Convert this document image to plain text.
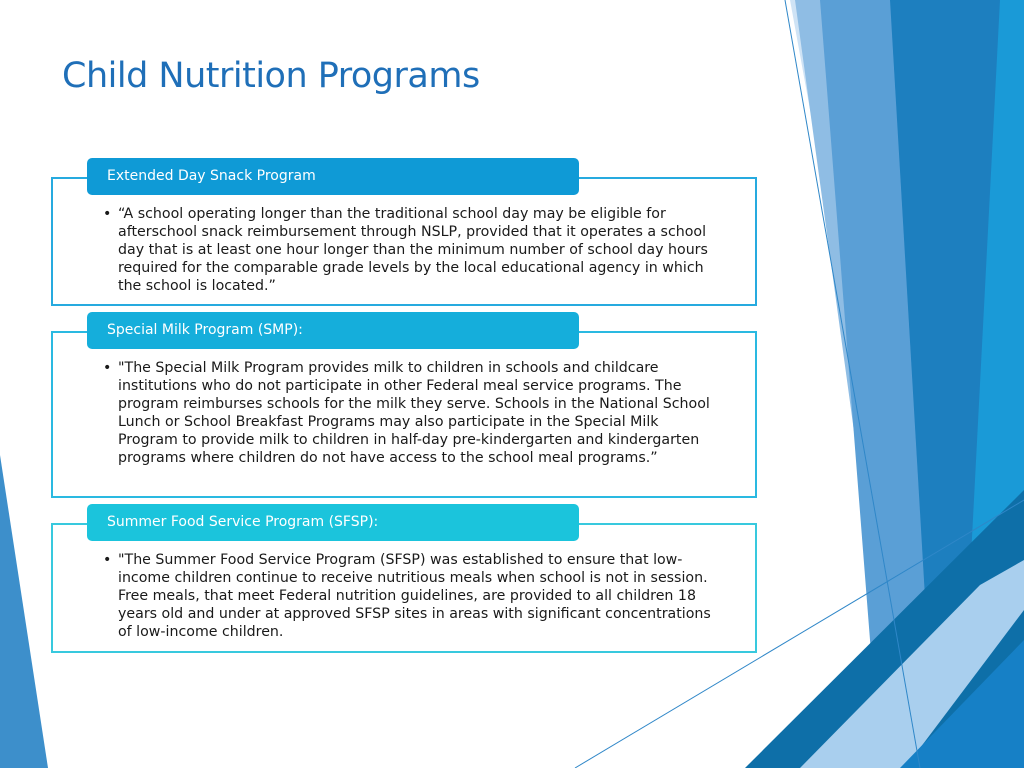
Child Nutrition Programs
Extended Day Snack Program
• “A school operating longer than the traditional school day may be eligible for afterschool snack reimbursement through NSLP, provided that it operates a school day that is at least one hour longer than the minimum number of school day hours required for the comparable grade levels by the local educational agency in which the school is located.”
Special Milk Program (SMP):
• "The Special Milk Program provides milk to children in schools and childcare institutions who do not participate in other Federal meal service programs. The program reimburses schools for the milk they serve. Schools in the National School Lunch or School Breakfast Programs may also participate in the Special Milk Program to provide milk to children in half-day pre-kindergarten and kindergarten programs where children do not have access to the school meal programs.”
Summer Food Service Program (SFSP):
• "The Summer Food Service Program (SFSP) was established to ensure that low-income children continue to receive nutritious meals when school is not in session. Free meals, that meet Federal nutrition guidelines, are provided to all children 18 years old and under at approved SFSP sites in areas with significant concentrations of low-income children.
